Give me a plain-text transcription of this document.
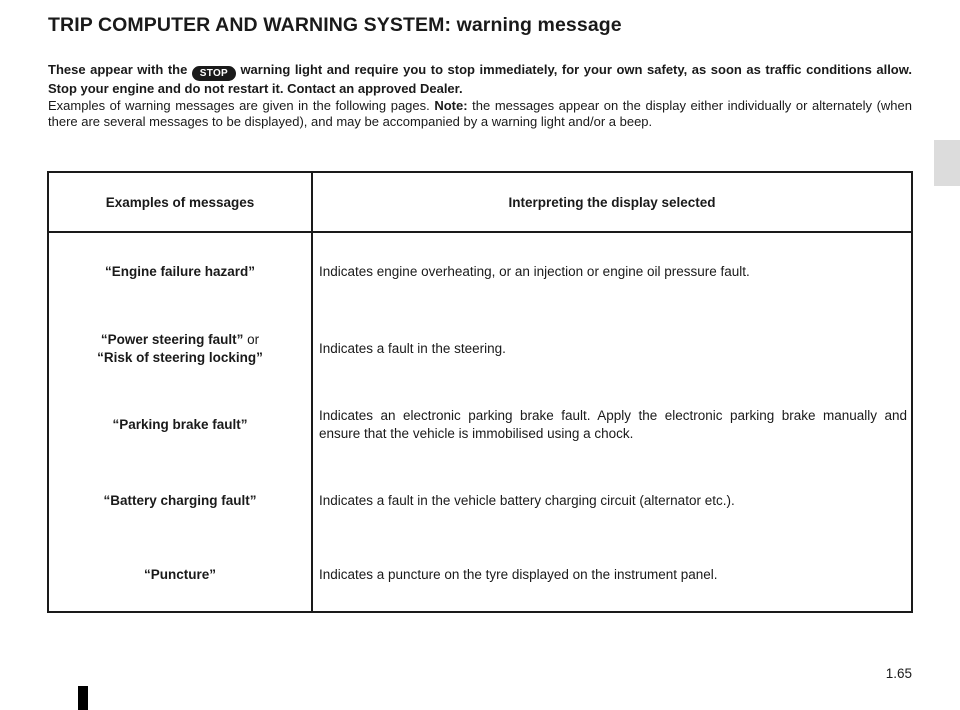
TRIP COMPUTER AND WARNING SYSTEM: warning message

These appear with the STOP warning light and require you to stop immediately, for your own safety, as soon as traffic conditions allow. Stop your engine and do not restart it. Contact an approved Dealer.
Examples of warning messages are given in the following pages. Note: the messages appear on the display either individually or alternately (when there are several messages to be displayed), and may be accompanied by a warning light and/or a beep.

Examples of messages	Interpreting the display selected
“Engine failure hazard”	Indicates engine overheating, or an injection or engine oil pressure fault.
“Power steering fault” or
“Risk of steering locking”	Indicates a fault in the steering.
“Parking brake fault”	Indicates an electronic parking brake fault. Apply the electronic parking brake manually and ensure that the vehicle is immobilised using a chock.
“Battery charging fault”	Indicates a fault in the vehicle battery charging circuit (alternator etc.).
“Puncture”	Indicates a puncture on the tyre displayed on the instrument panel.
1.65
